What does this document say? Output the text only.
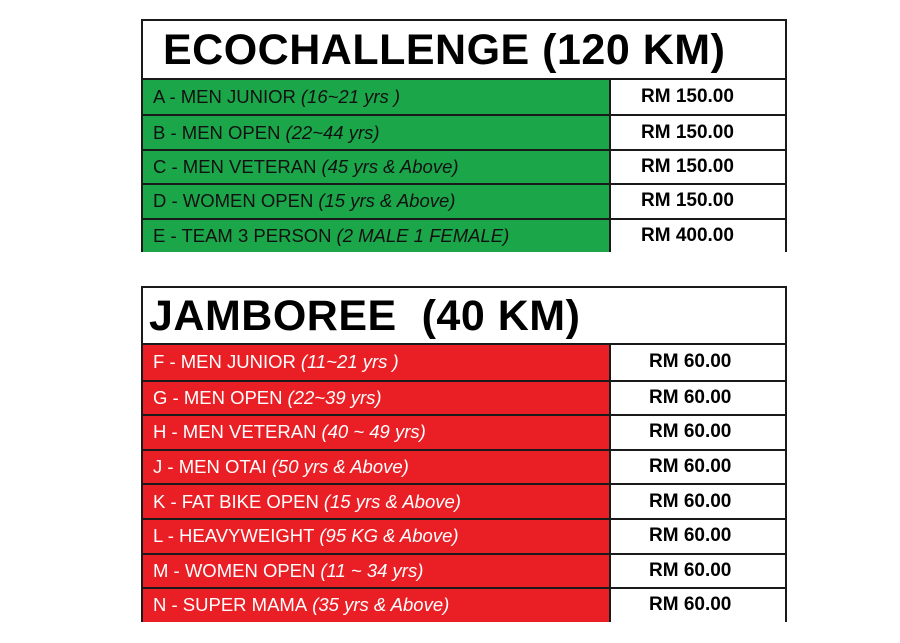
ECOCHALLENGE (120 KM)
A - MEN JUNIOR (16~21 yrs )	RM 150.00
B - MEN OPEN (22~44 yrs)	RM 150.00
C - MEN VETERAN (45 yrs & Above)	RM 150.00
D - WOMEN OPEN (15 yrs & Above)	RM 150.00
E - TEAM 3 PERSON (2 MALE 1 FEMALE)	RM 400.00
JAMBOREE  (40 KM)
F - MEN JUNIOR (11~21 yrs )	RM 60.00
G - MEN OPEN (22~39 yrs)	RM 60.00
H - MEN VETERAN (40 ~ 49 yrs)	RM 60.00
J - MEN OTAI (50 yrs & Above)	RM 60.00
K - FAT BIKE OPEN (15 yrs & Above)	RM 60.00
L - HEAVYWEIGHT (95 KG & Above)	RM 60.00
M - WOMEN OPEN (11 ~ 34 yrs)	RM 60.00
N - SUPER MAMA (35 yrs & Above)	RM 60.00
